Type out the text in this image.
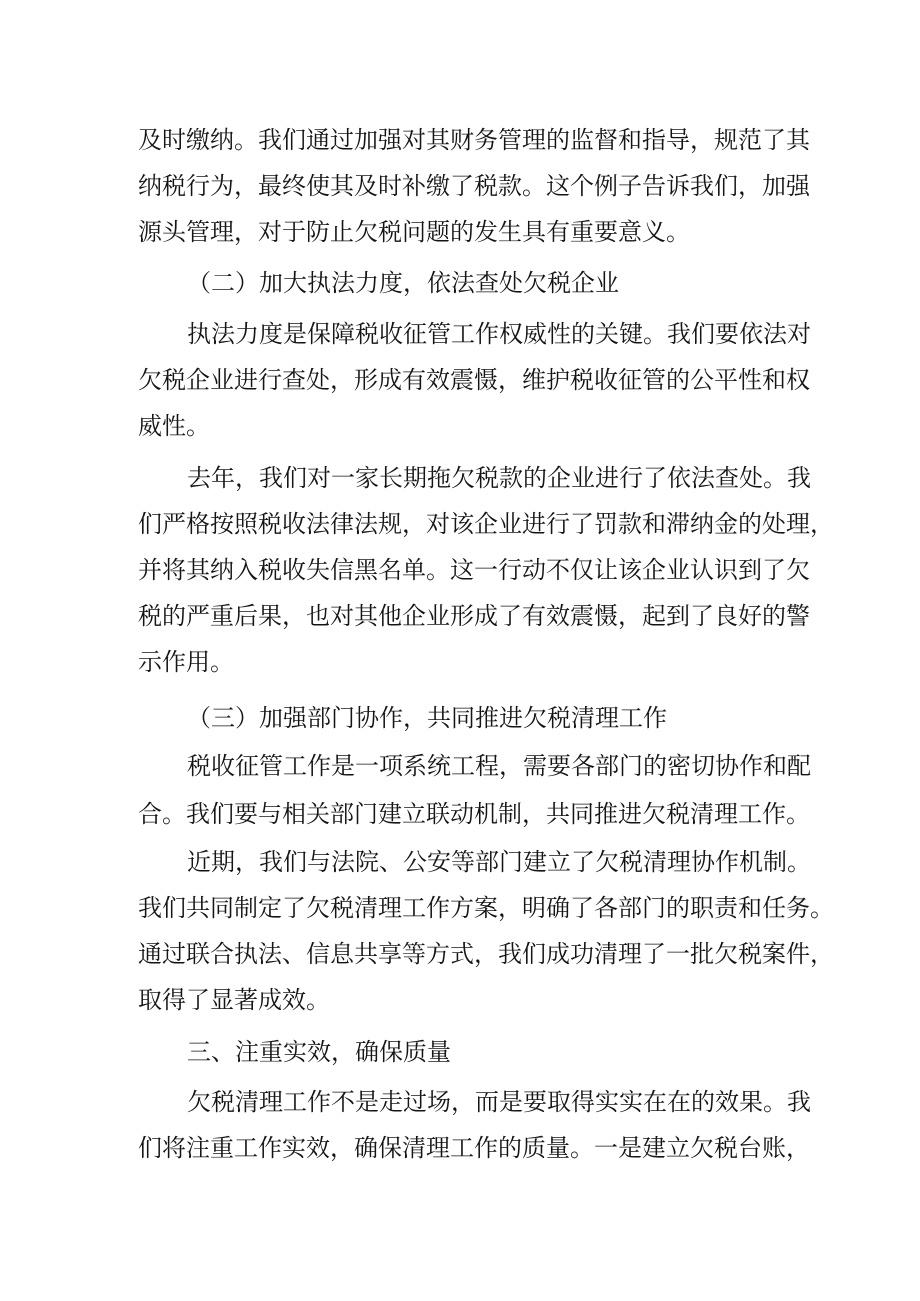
及时缴纳。我们通过加强对其财务管理的监督和指导，规范了其
纳税行为，最终使其及时补缴了税款。这个例子告诉我们，加强
源头管理，对于防止欠税问题的发生具有重要意义。
（二）加大执法力度，依法查处欠税企业
执法力度是保障税收征管工作权威性的关键。我们要依法对
欠税企业进行查处，形成有效震慑，维护税收征管的公平性和权
威性。
去年，我们对一家长期拖欠税款的企业进行了依法查处。我
们严格按照税收法律法规，对该企业进行了罚款和滞纳金的处理，
并将其纳入税收失信黑名单。这一行动不仅让该企业认识到了欠
税的严重后果，也对其他企业形成了有效震慑，起到了良好的警
示作用。
（三）加强部门协作，共同推进欠税清理工作
税收征管工作是一项系统工程，需要各部门的密切协作和配
合。我们要与相关部门建立联动机制，共同推进欠税清理工作。
近期，我们与法院、公安等部门建立了欠税清理协作机制。
我们共同制定了欠税清理工作方案，明确了各部门的职责和任务。
通过联合执法、信息共享等方式，我们成功清理了一批欠税案件，
取得了显著成效。
三、注重实效，确保质量
欠税清理工作不是走过场，而是要取得实实在在的效果。我
们将注重工作实效，确保清理工作的质量。一是建立欠税台账，
